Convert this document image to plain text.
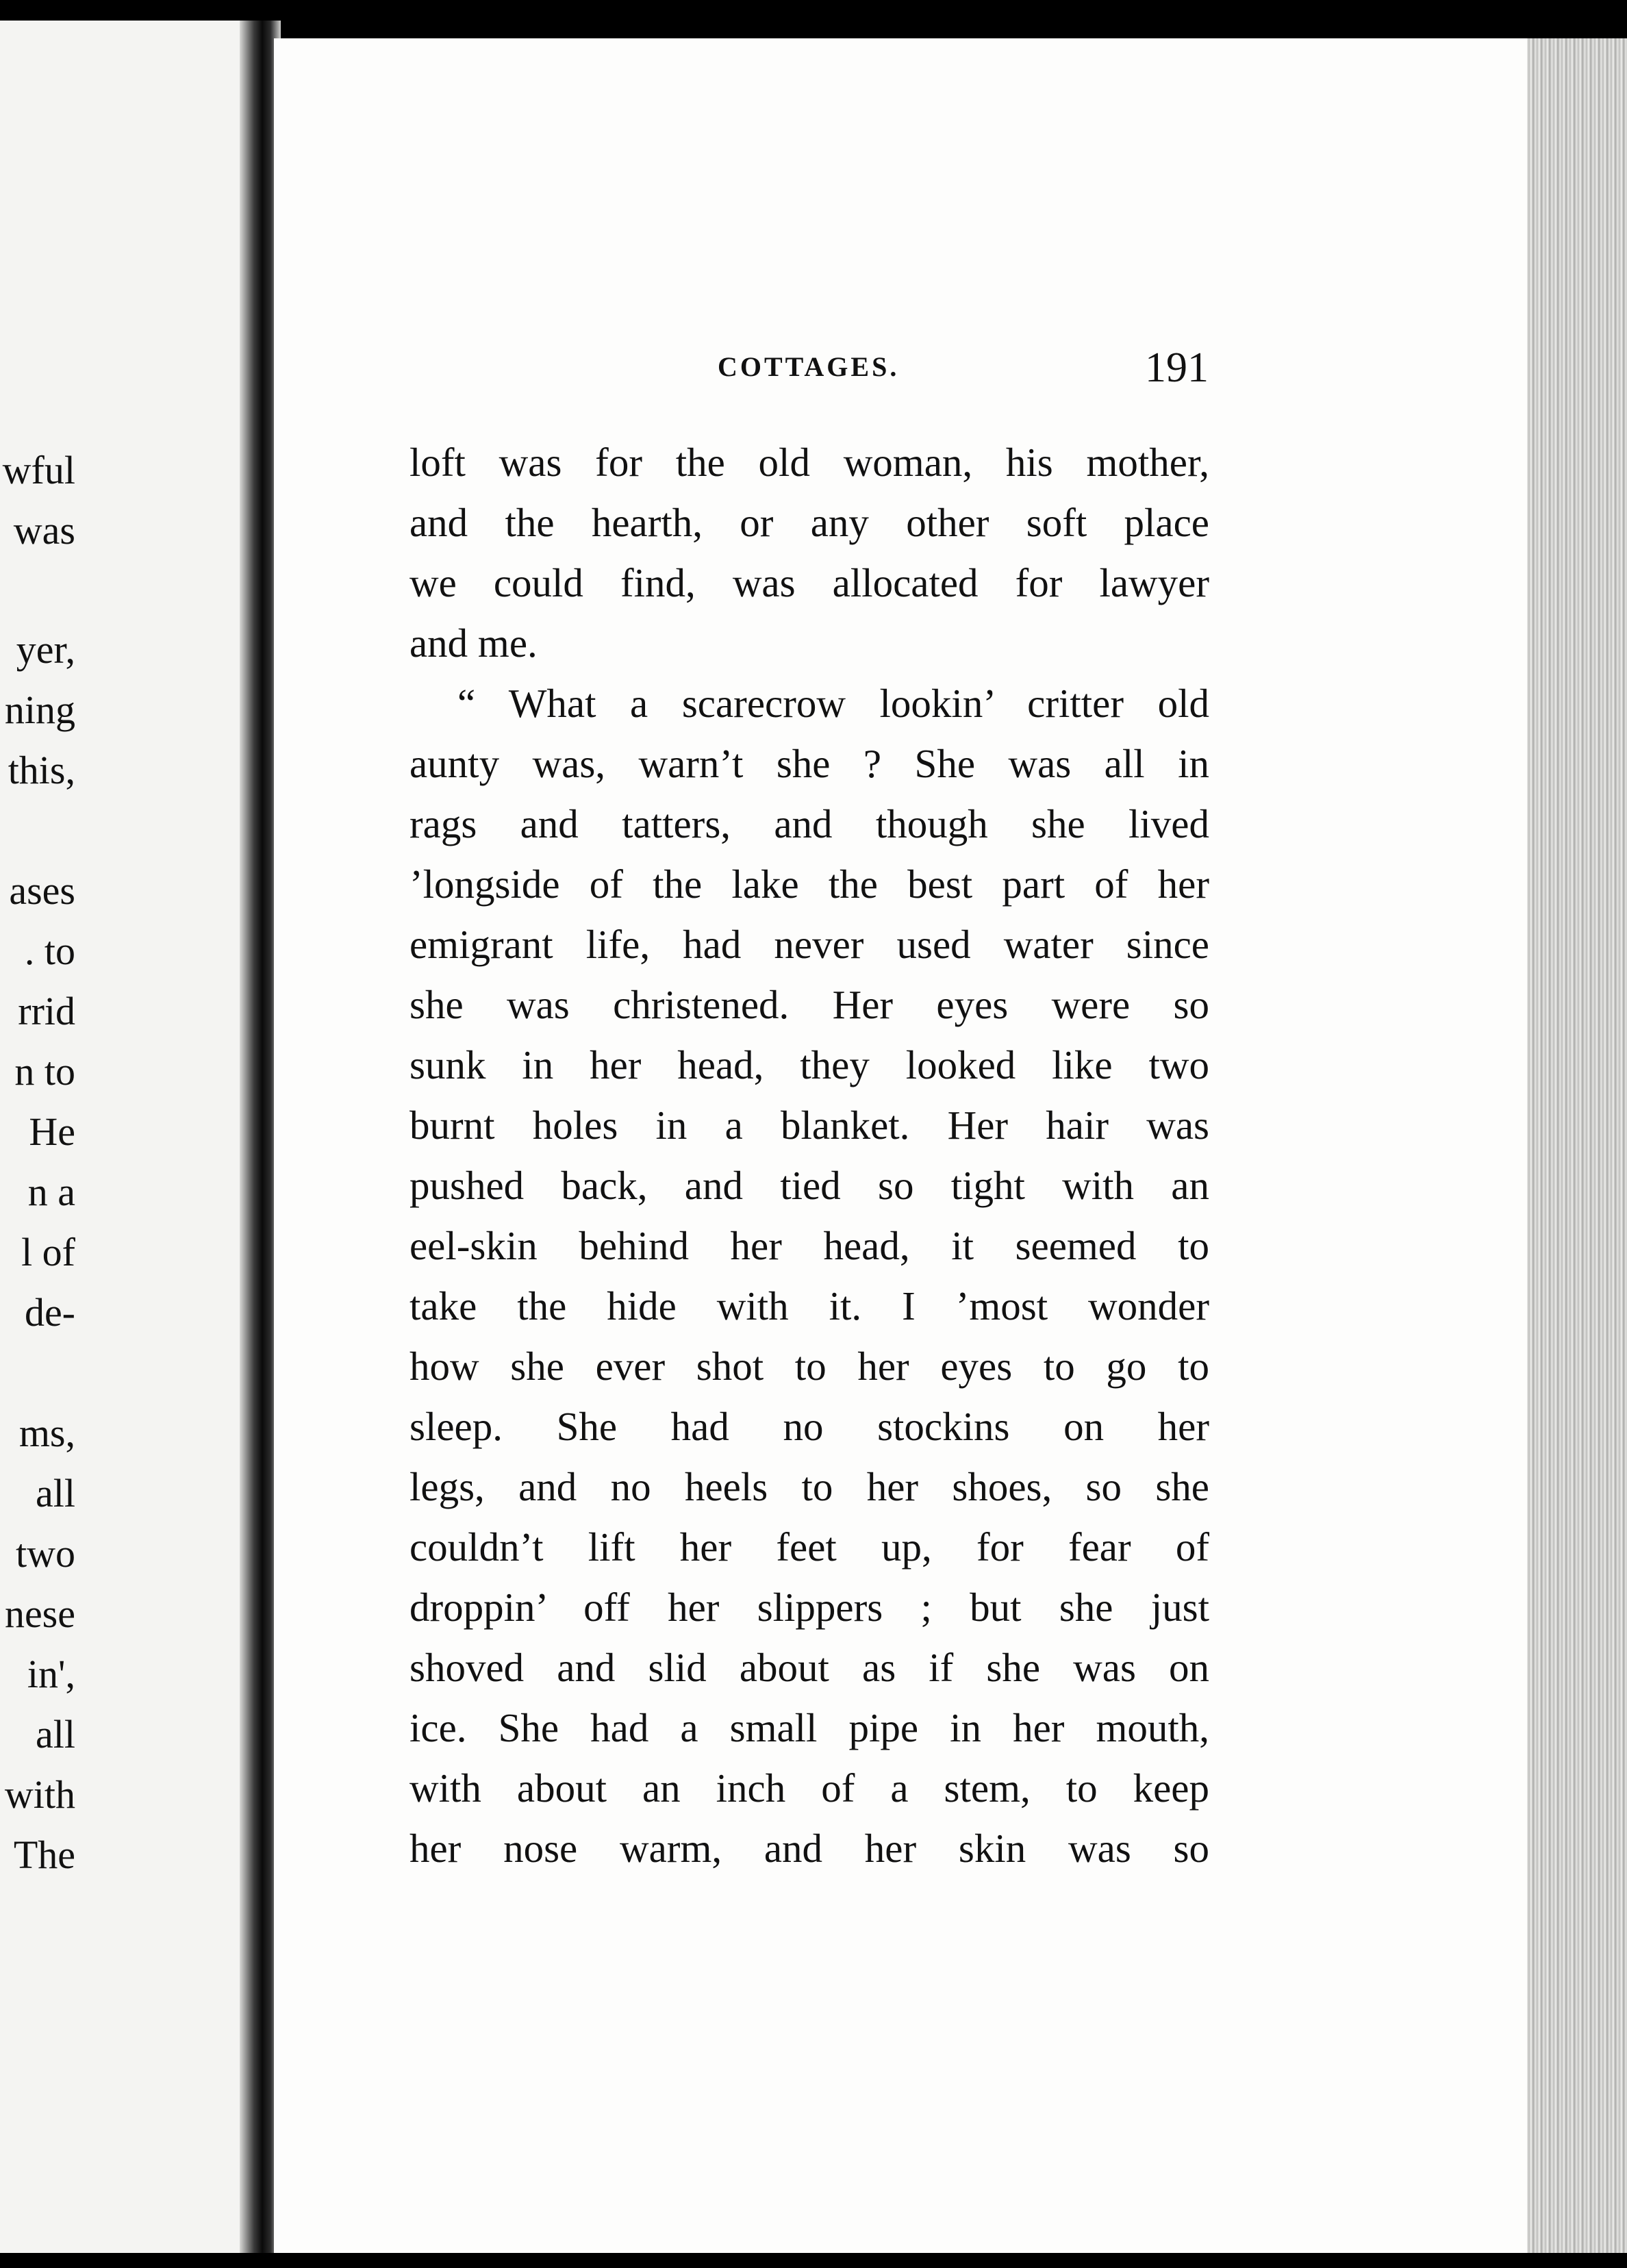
wful
was
yer,
ning
this,
ases
. to
rrid
n to
He
n a
l of
de-
ms,
all
two
nese
in',
all
with
The
COTTAGES.	191
loft was for the old woman, his mother,
and the hearth, or any other soft place
we could find, was allocated for lawyer
and me.
“ What a scarecrow lookin’ critter old
aunty was, warn’t she ? She was all in
rags and tatters, and though she lived
’longside of the lake the best part of her
emigrant life, had never used water since
she was christened. Her eyes were so
sunk in her head, they looked like two
burnt holes in a blanket. Her hair was
pushed back, and tied so tight with an
eel-skin behind her head, it seemed to
take the hide with it. I ’most wonder
how she ever shot to her eyes to go to
sleep. She had no stockins on her
legs, and no heels to her shoes, so she
couldn’t lift her feet up, for fear of
droppin’ off her slippers ; but she just
shoved and slid about as if she was on
ice. She had a small pipe in her mouth,
with about an inch of a stem, to keep
her nose warm, and her skin was so
